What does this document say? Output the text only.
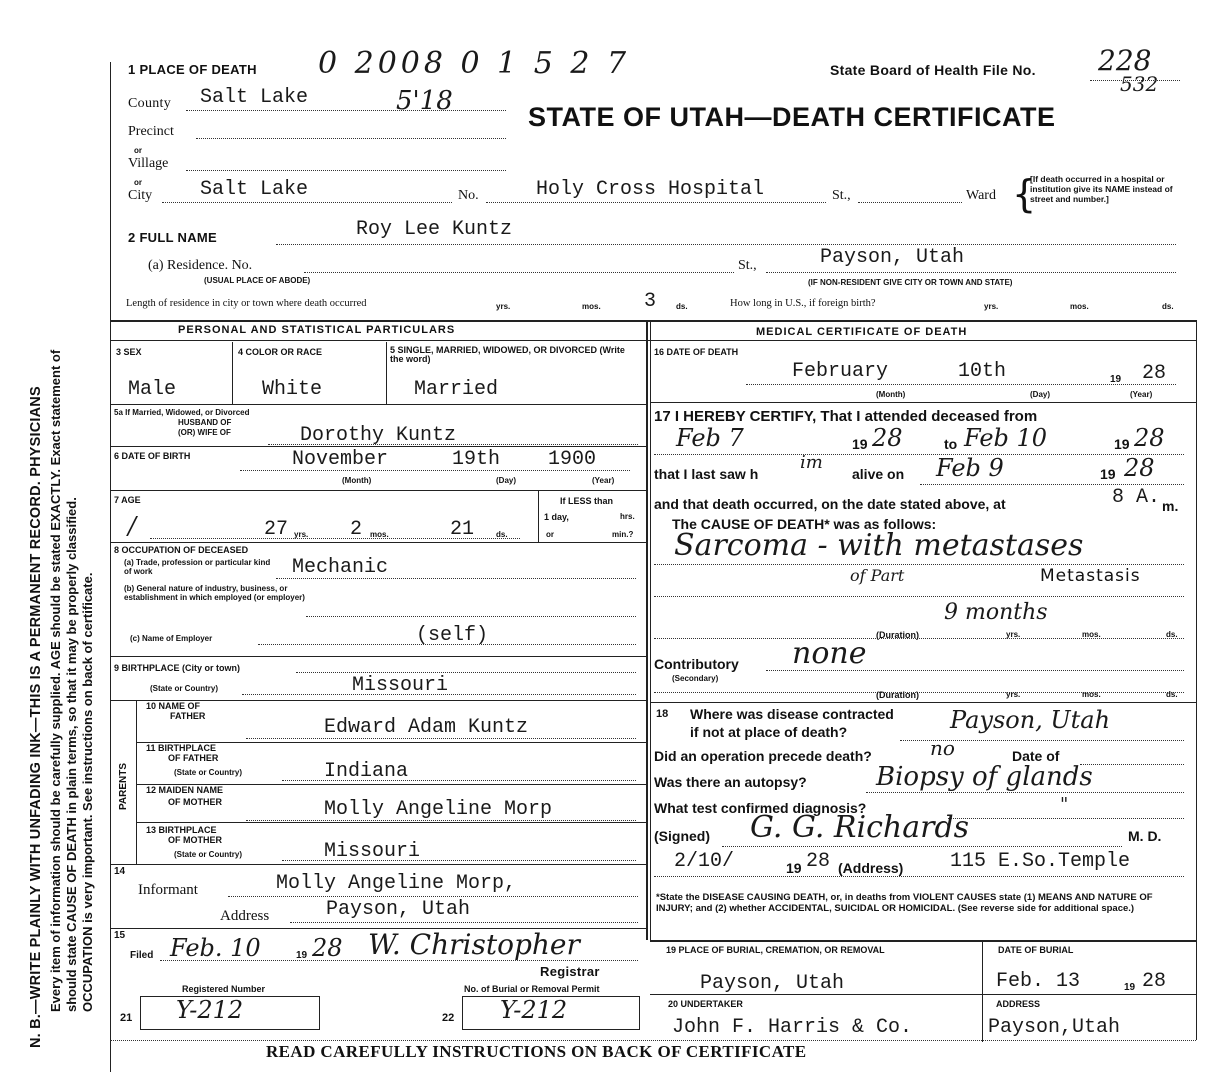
N. B.—WRITE PLAINLY WITH UNFADING INK—THIS IS A PERMANENT RECORD. PHYSICIANS
Every item of information should be carefully supplied. AGE should be stated EXACTLY. Exact statement of
should state CAUSE OF DEATH in plain terms, so that it may be properly classified. OCCUPATION is very important. See instructions on back of certificate.
1 PLACE OF DEATH 0 2008 0 1 5 2 7
5'18
State Board of Health File No. 228
532
STATE OF UTAH—DEATH CERTIFICATE
County Salt Lake
Precinct
or
Village
or
City Salt Lake	No.	Holy Cross Hospital	St.,	Ward {
[If death occurred in a hospital or institution give its NAME instead of street and number.]
2 FULL NAME	Roy Lee Kuntz
(a) Residence. No.
(USUAL PLACE OF ABODE)
St.,	Payson, Utah
(IF NON-RESIDENT GIVE CITY OR TOWN AND STATE)
Length of residence in city or town where death occurred	yrs.	mos. 3 ds.	How long in U.S., if foreign birth?	yrs.	mos.	ds.
PERSONAL AND STATISTICAL PARTICULARS	MEDICAL CERTIFICATE OF DEATH
3 SEX	4 COLOR OR RACE	5 SINGLE, MARRIED, WIDOWED, OR DIVORCED (Write the word)
Male	White	Married
5a If Married, Widowed, or Divorced
HUSBAND OF
(OR) WIFE OF	Dorothy Kuntz
6 DATE OF BIRTH	November	19th 1900
(Month)	(Day)	(Year)
7 AGE
/	27 yrs. 2 mos.	21	ds.
If LESS than
1 day,	hrs.
or	min.?
8 OCCUPATION OF DECEASED
(a) Trade, profession or particular kind of work	Mechanic
(b) General nature of industry, business, or establishment in which employed (or employer)
(c) Name of Employer	(self)
9 BIRTHPLACE (City or town)
(State or Country)	Missouri
PARENTS
10 NAME OF
FATHER	Edward Adam Kuntz
11 BIRTHPLACE
OF FATHER
(State or Country)	Indiana
12 MAIDEN NAME
OF MOTHER	Molly Angeline Morp
13 BIRTHPLACE
OF MOTHER
(State or Country)	Missouri
14
Informant	Molly Angeline Morp,
Address	Payson, Utah
15
Filed Feb. 10	19 28 W. Christopher
Registrar
Registered Number	No. of Burial or Removal Permit
21 Y-212	22 Y-212
16 DATE OF DEATH
February	10th	19 28
(Month)	(Day)	(Year)
17 I HEREBY CERTIFY, That I attended deceased from
Feb 7	19 28	to Feb 10	19 28
that I last saw h
im
alive on Feb 9	19 28
and that death occurred, on the date stated above, at	8 A. m.
The CAUSE OF DEATH* was as follows:
Sarcoma - with metastases
of Part	Metastasis
9 months
(Duration)	yrs.	mos.	ds.
Contributory
(Secondary)
none
(Duration)	yrs.	mos.	ds.
18 Where was disease contracted
if not at place of death?	Payson, Utah
Did an operation precede death?	no	Date of
Was there an autopsy?	Biopsy of glands
What test confirmed diagnosis?	"
(Signed) G. G. Richards	M. D.
2/10/	19 28 (Address) 115 E.So.Temple
*State the DISEASE CAUSING DEATH, or, in deaths from VIOLENT CAUSES state (1) MEANS AND NATURE OF INJURY; and (2) whether ACCIDENTAL, SUICIDAL OR HOMICIDAL. (See reverse side for additional space.)
19 PLACE OF BURIAL, CREMATION, OR REMOVAL
Payson, Utah
DATE OF BURIAL
Feb. 13	19 28
20 UNDERTAKER
John F. Harris & Co.
ADDRESS
Payson,Utah
READ CAREFULLY INSTRUCTIONS ON BACK OF CERTIFICATE
